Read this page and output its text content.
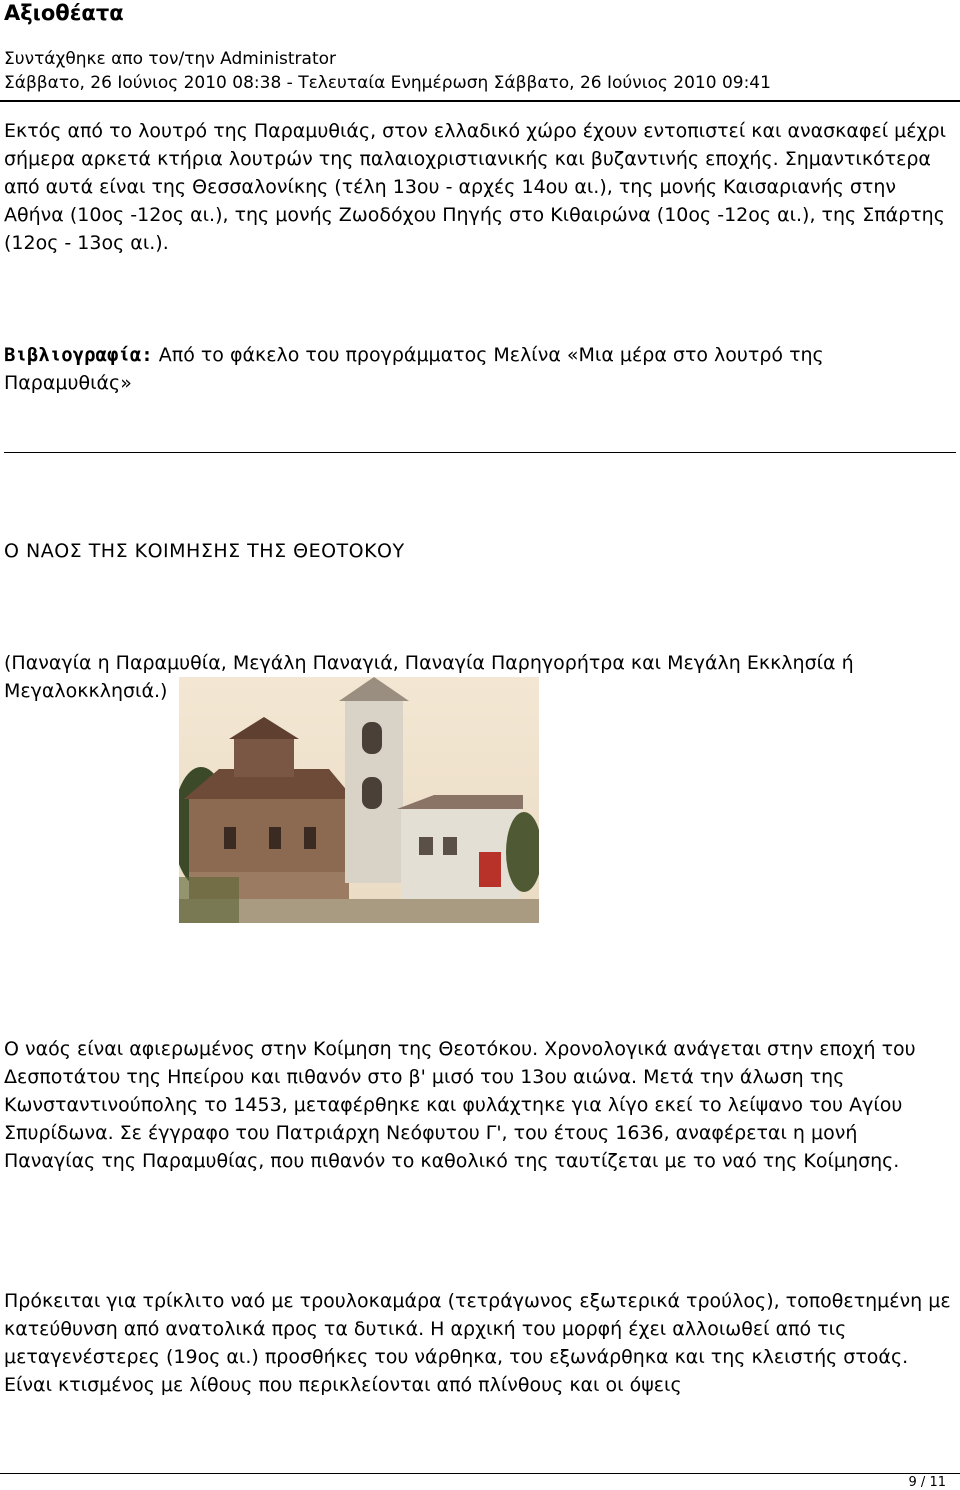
Αξιοθέατα
Συντάχθηκε απο τον/την Administrator
Σάββατο, 26 Ιούνιος 2010 08:38 - Τελευταία Ενημέρωση Σάββατο, 26 Ιούνιος 2010 09:41

Εκτός από το λουτρό της Παραμυθιάς, στον ελλαδικό χώρο έχουν εντοπιστεί και ανασκαφεί μέχρι σήμερα αρκετά κτήρια λουτρών της παλαιοχριστιανικής και βυζαντινής εποχής. Σημαντικότερα από αυτά είναι της Θεσσαλονίκης (τέλη 13ου - αρχές 14ου αι.), της μονής Καισαριανής στην Αθήνα (10ος -12ος αι.), της μονής Ζωοδόχου Πηγής στο Κιθαιρώνα (10ος -12ος αι.), της Σπάρτης (12ος - 13ος αι.).

Βιβλιογραφία: Από το φάκελο του προγράμματος Μελίνα «Μια μέρα στο λουτρό της Παραμυθιάς»

Ο ΝΑΟΣ ΤΗΣ ΚΟΙΜΗΣΗΣ ΤΗΣ ΘΕΟΤΟΚΟΥ

(Παναγία η Παραμυθία, Μεγάλη Παναγιά, Παναγία Παρηγορήτρα και Μεγάλη Εκκλησία ή Μεγαλοκκλησιά.)

Ο ναός είναι αφιερωμένος στην Κοίμηση της Θεοτόκου. Χρονολογικά ανάγεται στην εποχή του Δεσποτάτου της Ηπείρου και πιθανόν στο β' μισό του 13ου αιώνα. Μετά την άλωση της Κωνσταντινούπολης το 1453, μεταφέρθηκε και φυλάχτηκε για λίγο εκεί το λείψανο του Αγίου Σπυρίδωνα. Σε έγγραφο του Πατριάρχη Νεόφυτου Γ', του έτους 1636, αναφέρεται η μονή Παναγίας της Παραμυθίας, που πιθανόν το καθολικό της ταυτίζεται με το ναό της Κοίμησης.

Πρόκειται για τρίκλιτο ναό με τρουλοκαμάρα (τετράγωνος εξωτερικά τρούλος), τοποθετημένη με κατεύθυνση από ανατολικά προς τα δυτικά. Η αρχική του μορφή έχει αλλοιωθεί από τις μεταγενέστερες (19ος αι.) προσθήκες του νάρθηκα, του εξωνάρθηκα και της κλειστής στοάς. Είναι κτισμένος με λίθους που περικλείονται από πλίνθους και οι όψεις

9 / 11
